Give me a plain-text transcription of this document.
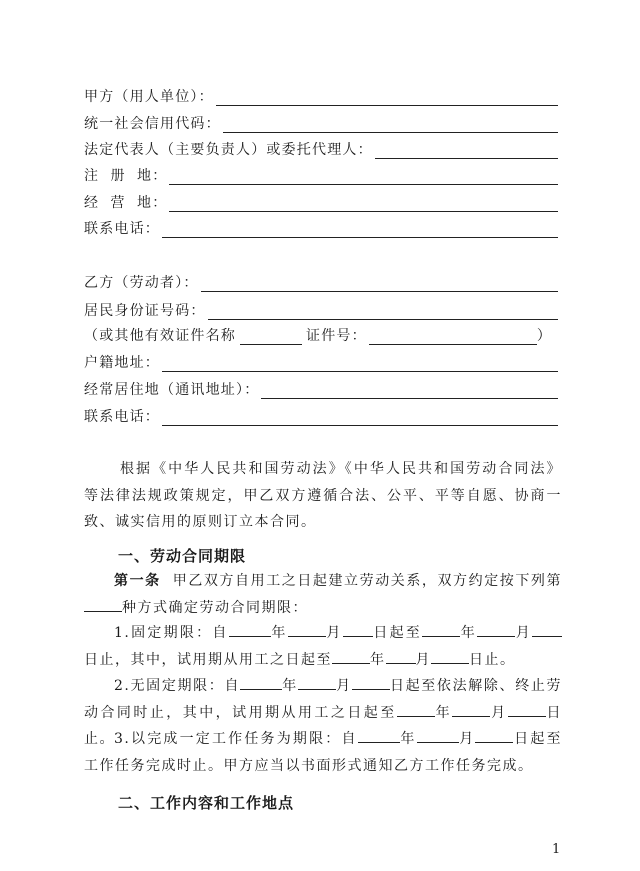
甲方（用人单位）：
统一社会信用代码：
法定代表人（主要负责人）或委托代理人：
注  册  地：
经  营  地：
联系电话：
乙方（劳动者）：
居民身份证号码：
（或其他有效证件名称	证件号：	）
户籍地址：
经常居住地（通讯地址）：
联系电话：
根据《中华人民共和国劳动法》《中华人民共和国劳动合同法》等法律法规政策规定，甲乙双方遵循合法、公平、平等自愿、协商一致、诚实信用的原则订立本合同。
一、劳动合同期限
第一条  甲乙双方自用工之日起建立劳动关系，双方约定按下列第种方式确定劳动合同期限：
1.固定期限：自	年	月 日起至	年	月日止，其中，试用期从用工之日起至	年 月	日止。
2.无固定期限：自	年	月	日起至依法解除、终止劳动合同时止，其中，试用期从用工之日起至	年	月	日止。 3.以完成一定工作任务为期限：自	年	月	日起至工作任务完成时止。甲方应当以书面形式通知乙方工作任务完成。
二、工作内容和工作地点
1
